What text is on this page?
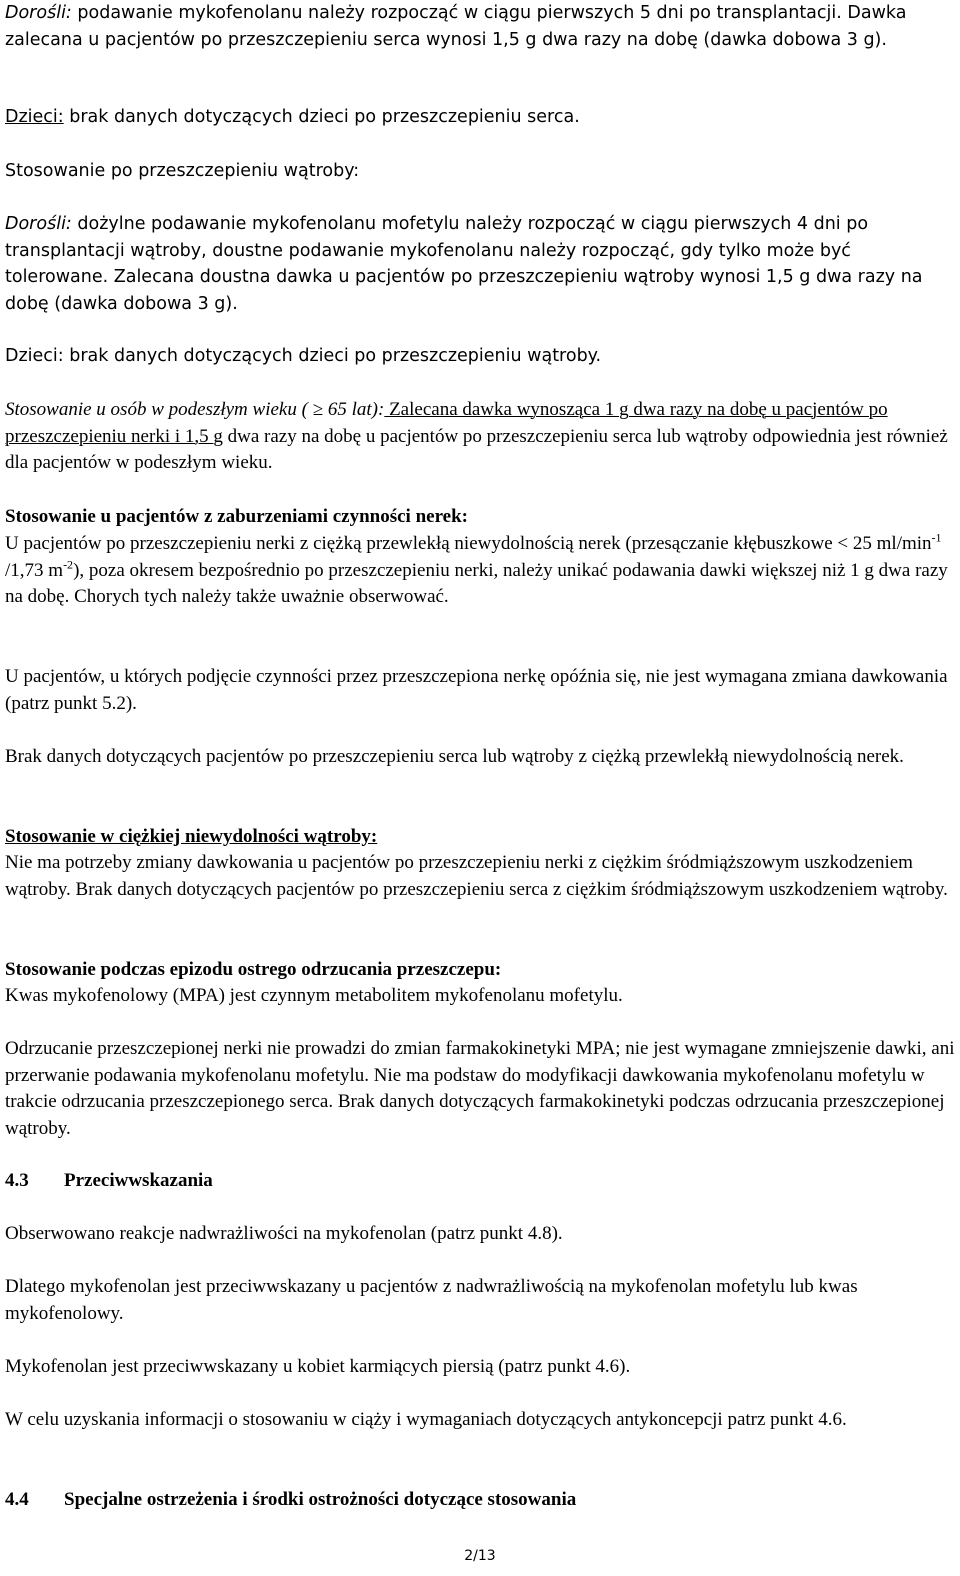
Dorośli: podawanie mykofenolanu należy rozpocząć w ciągu pierwszych 5 dni po transplantacji. Dawka zalecana u pacjentów po przeszczepieniu serca wynosi 1,5 g dwa razy na dobę (dawka dobowa 3 g).

Dzieci: brak danych dotyczących dzieci po przeszczepieniu serca.

Stosowanie po przeszczepieniu wątroby:

Dorośli: dożylne podawanie mykofenolanu mofetylu należy rozpocząć w ciągu pierwszych 4 dni po transplantacji wątroby, doustne podawanie mykofenolanu należy rozpocząć, gdy tylko może być tolerowane. Zalecana doustna dawka u pacjentów po przeszczepieniu wątroby wynosi 1,5 g dwa razy na dobę (dawka dobowa 3 g).

Dzieci: brak danych dotyczących dzieci po przeszczepieniu wątroby.

Stosowanie u osób w podeszłym wieku ( ≥ 65 lat): Zalecana dawka wynosząca 1 g dwa razy na dobę u pacjentów po przeszczepieniu nerki i 1,5 g dwa razy na dobę u pacjentów po przeszczepieniu serca lub wątroby odpowiednia jest również dla pacjentów w podeszłym wieku.

Stosowanie u pacjentów z zaburzeniami czynności nerek:

U pacjentów po przeszczepieniu nerki z ciężką przewlekłą niewydolnością nerek (przesączanie kłębuszkowe < 25 $ml/\min^{-1}$ /1,73 $m^{-2}$), poza okresem bezpośrednio po przeszczepieniu nerki, należy unikać podawania dawki większej niż 1 g dwa razy na dobę. Chorych tych należy także uważnie obserwować.

U pacjentów, u których podjęcie czynności przez przeszczepiona nerkę opóźnia się, nie jest wymagana zmiana dawkowania (patrz punkt 5.2).

Brak danych dotyczących pacjentów po przeszczepieniu serca lub wątroby z ciężką przewlekłą niewydolnością nerek.

Stosowanie w ciężkiej niewydolności wątroby:

Nie ma potrzeby zmiany dawkowania u pacjentów po przeszczepieniu nerki z ciężkim śródmiąższowym uszkodzeniem wątroby. Brak danych dotyczących pacjentów po przeszczepieniu serca z ciężkim śródmiąższowym uszkodzeniem wątroby.

Stosowanie podczas epizodu ostrego odrzucania przeszczepu:

Kwas mykofenolowy (MPA) jest czynnym metabolitem mykofenolanu mofetylu.

Odrzucanie przeszczepionej nerki nie prowadzi do zmian farmakokinetyki MPA; nie jest wymagane zmniejszenie dawki, ani przerwanie podawania mykofenolanu mofetylu. Nie ma podstaw do modyfikacji dawkowania mykofenolanu mofetylu w trakcie odrzucania przeszczepionego serca. Brak danych dotyczących farmakokinetyki podczas odrzucania przeszczepionej wątroby.

4.3 Przeciwwskazania

Obserwowano reakcje nadwrażliwości na mykofenolan (patrz punkt 4.8).

Dlatego mykofenolan jest przeciwwskazany u pacjentów z nadwrażliwością na mykofenolan mofetylu lub kwas mykofenolowy.

Mykofenolan jest przeciwwskazany u kobiet karmiących piersią (patrz punkt 4.6).

W celu uzyskania informacji o stosowaniu w ciąży i wymaganiach dotyczących antykoncepcji patrz punkt 4.6.

4.4 Specjalne ostrzeżenia i środki ostrożności dotyczące stosowania

2/13
